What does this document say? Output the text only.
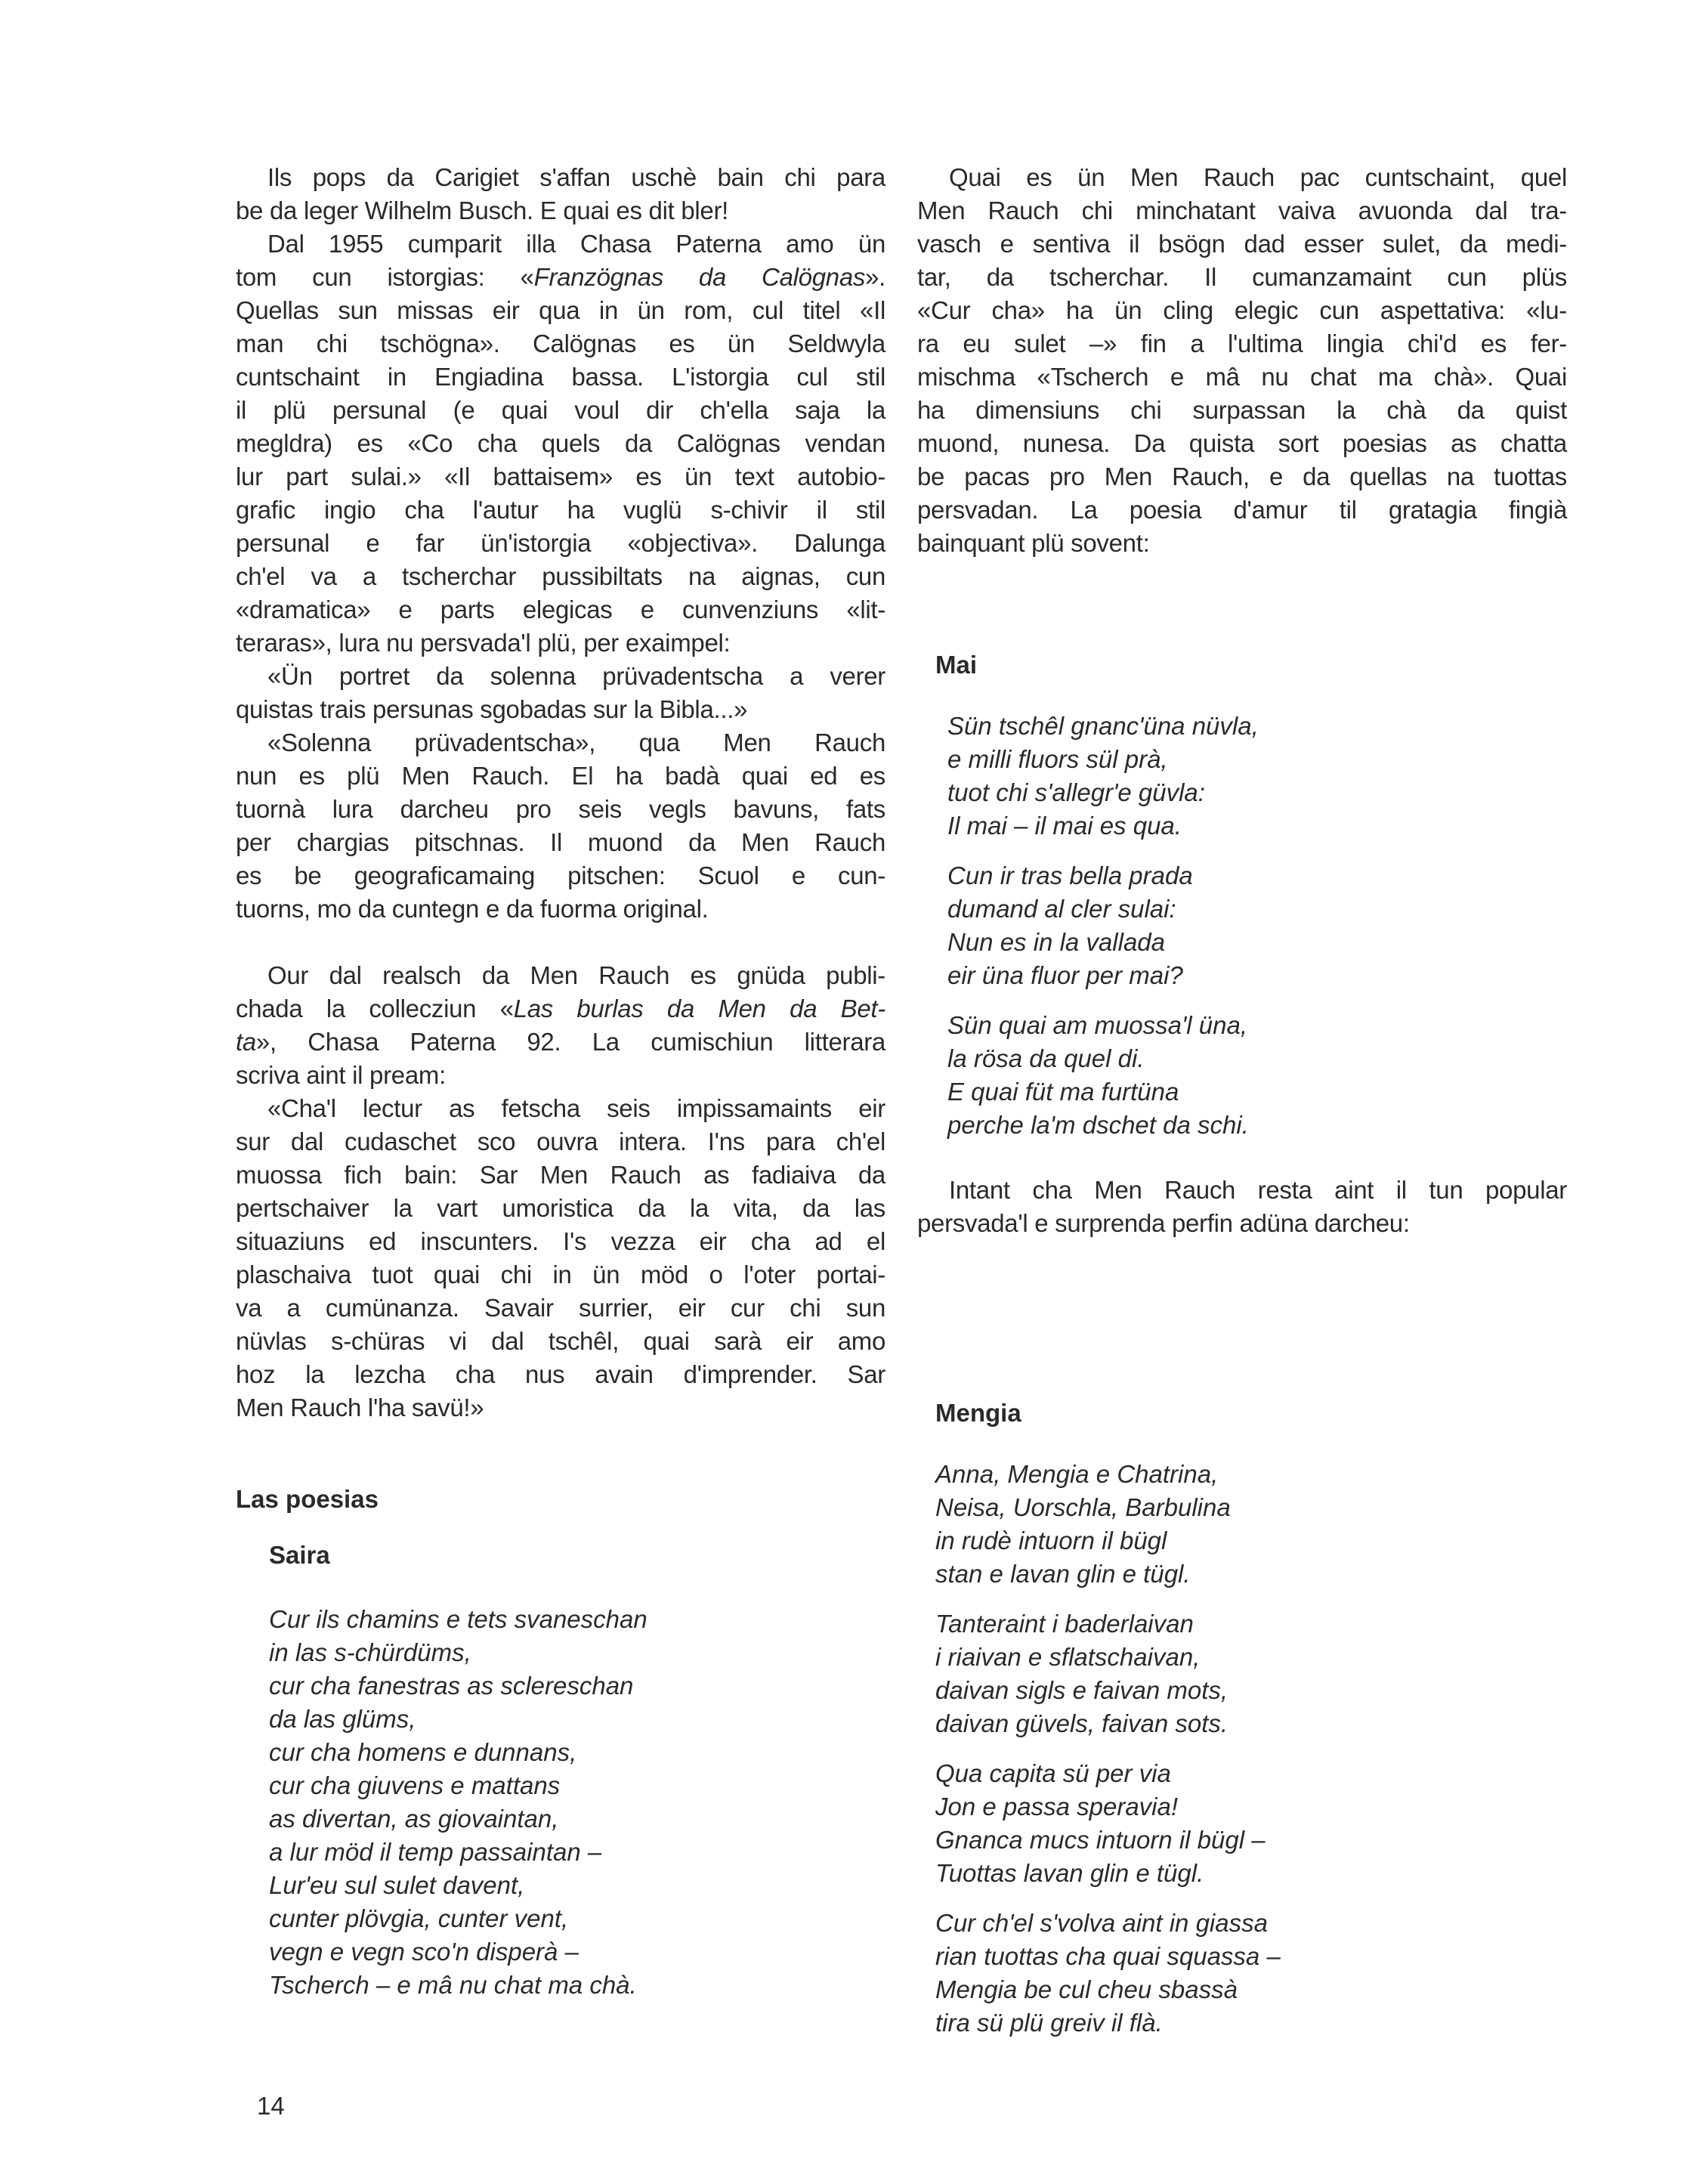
Ils pops da Carigiet s'affan uschè bain chi para
be da leger Wilhelm Busch. E quai es dit bler!
Dal 1955 cumparit illa Chasa Paterna amo ün
tom cun istorgias: «Franzögnas da Calögnas».
Quellas sun missas eir qua in ün rom, cul titel «Il
man chi tschögna». Calögnas es ün Seldwyla
cuntschaint in Engiadina bassa. L'istorgia cul stil
il plü persunal (e quai voul dir ch'ella saja la
megldra) es «Co cha quels da Calögnas vendan
lur part sulai.» «Il battaisem» es ün text autobio-
grafic ingio cha l'autur ha vuglü s-chivir il stil
persunal e far ün'istorgia «objectiva». Dalunga
ch'el va a tscherchar pussibiltats na aignas, cun
«dramatica» e parts elegicas e cunvenziuns «lit-
teraras», lura nu persvada'l plü, per exaimpel:
«Ün portret da solenna prüvadentscha a verer
quistas trais persunas sgobadas sur la Bibla...»
«Solenna prüvadentscha», qua Men Rauch
nun es plü Men Rauch. El ha badà quai ed es
tuornà lura darcheu pro seis vegls bavuns, fats
per chargias pitschnas. Il muond da Men Rauch
es be geograficamaing pitschen: Scuol e cun-
tuorns, mo da cuntegn e da fuorma original.
Our dal realsch da Men Rauch es gnüda publi-
chada la collecziun «Las burlas da Men da Bet-
ta», Chasa Paterna 92. La cumischiun litterara
scriva aint il pream:
«Cha'l lectur as fetscha seis impissamaints eir
sur dal cudaschet sco ouvra intera. I'ns para ch'el
muossa fich bain: Sar Men Rauch as fadiaiva da
pertschaiver la vart umoristica da la vita, da las
situaziuns ed inscunters. I's vezza eir cha ad el
plaschaiva tuot quai chi in ün möd o l'oter portai-
va a cumünanza. Savair surrier, eir cur chi sun
nüvlas s-chüras vi dal tschêl, quai sarà eir amo
hoz la lezcha cha nus avain d'imprender. Sar
Men Rauch l'ha savü!»
Las poesias
Saira
Cur ils chamins e tets svaneschan
in las s-chürdüms,
cur cha fanestras as sclereschan
da las glüms,
cur cha homens e dunnans,
cur cha giuvens e mattans
as divertan, as giovaintan,
a lur möd il temp passaintan –
Lur'eu sul sulet davent,
cunter plövgia, cunter vent,
vegn e vegn sco'n disperà –
Tscherch – e mâ nu chat ma chà.
Quai es ün Men Rauch pac cuntschaint, quel
Men Rauch chi minchatant vaiva avuonda dal tra-
vasch e sentiva il bsögn dad esser sulet, da medi-
tar, da tscherchar. Il cumanzamaint cun plüs
«Cur cha» ha ün cling elegic cun aspettativa: «lu-
ra eu sulet –» fin a l'ultima lingia chi'd es fer-
mischma «Tscherch e mâ nu chat ma chà». Quai
ha dimensiuns chi surpassan la chà da quist
muond, nunesa. Da quista sort poesias as chatta
be pacas pro Men Rauch, e da quellas na tuottas
persvadan. La poesia d'amur til gratagia fingià
bainquant plü sovent:
Mai
Sün tschêl gnanc'üna nüvla,
e milli fluors sül prà,
tuot chi s'allegr'e güvla:
Il mai – il mai es qua.
Cun ir tras bella prada
dumand al cler sulai:
Nun es in la vallada
eir üna fluor per mai?
Sün quai am muossa'l üna,
la rösa da quel di.
E quai füt ma furtüna
perche la'm dschet da schi.
Intant cha Men Rauch resta aint il tun popular
persvada'l e surprenda perfin adüna darcheu:
Mengia
Anna, Mengia e Chatrina,
Neisa, Uorschla, Barbulina
in rudè intuorn il bügl
stan e lavan glin e tügl.
Tanteraint i baderlaivan
i riaivan e sflatschaivan,
daivan sigls e faivan mots,
daivan güvels, faivan sots.
Qua capita sü per via
Jon e passa speravia!
Gnanca mucs intuorn il bügl –
Tuottas lavan glin e tügl.
Cur ch'el s'volva aint in giassa
rian tuottas cha quai squassa –
Mengia be cul cheu sbassà
tira sü plü greiv il flà.
14
